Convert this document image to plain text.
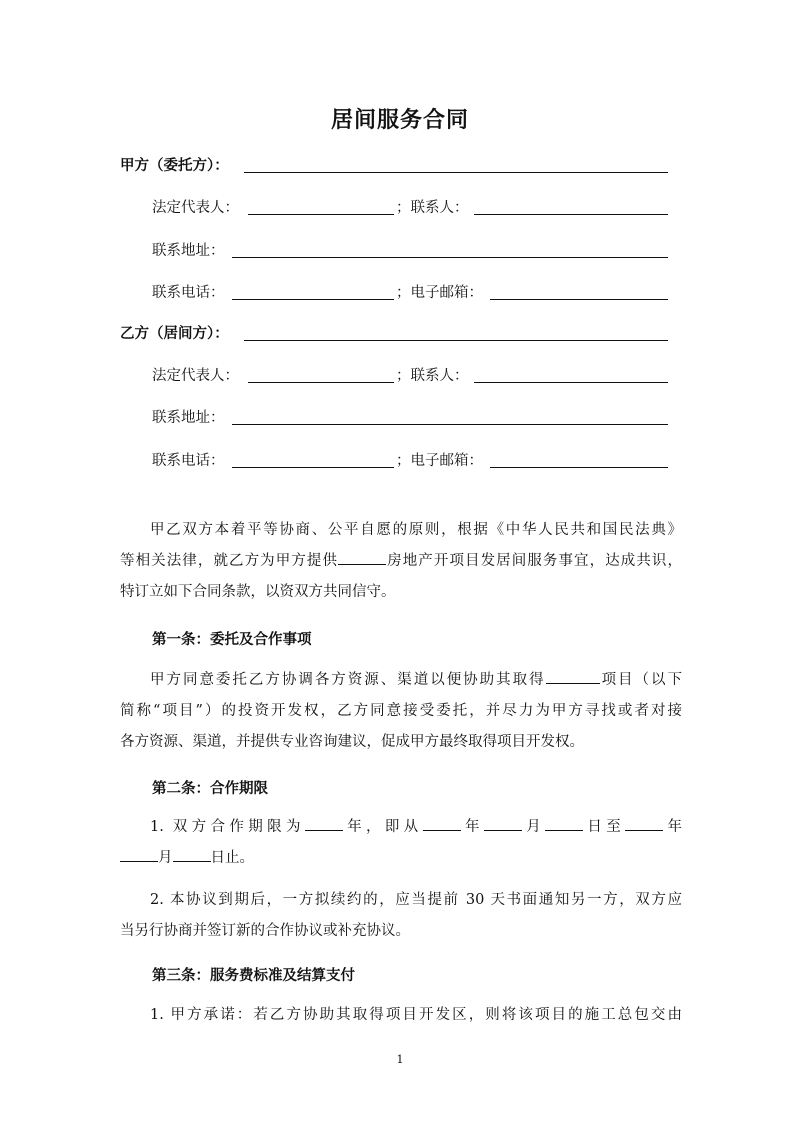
居间服务合同
甲方（委托方）：
法定代表人：	；联系人：
联系地址：
联系电话：	；电子邮箱：
乙方（居间方）：
法定代表人：	；联系人：
联系地址：
联系电话：	；电子邮箱：

甲乙双方本着平等协商、公平自愿的原则，根据《中华人民共和国民法典》

等相关法律，就乙方为甲方提供	房地产开项目发居间服务事宜，达成共识，

特订立如下合同条款，以资双方共同信守。

第一条：委托及合作事项

甲方同意委托乙方协调各方资源、渠道以便协助其取得	项目（以下

简称“项目”）的投资开发权，乙方同意接受委托，并尽力为甲方寻找或者对接

各方资源、渠道，并提供专业咨询建议，促成甲方最终取得项目开发权。

第二条：合作期限

1. 双方合作期限为	年，即从	年	月	日至	年

月	日止。

2. 本协议到期后，一方拟续约的，应当提前 30 天书面通知另一方，双方应

当另行协商并签订新的合作协议或补充协议。

第三条：服务费标准及结算支付

1. 甲方承诺：若乙方协助其取得项目开发区，则将该项目的施工总包交由

1
